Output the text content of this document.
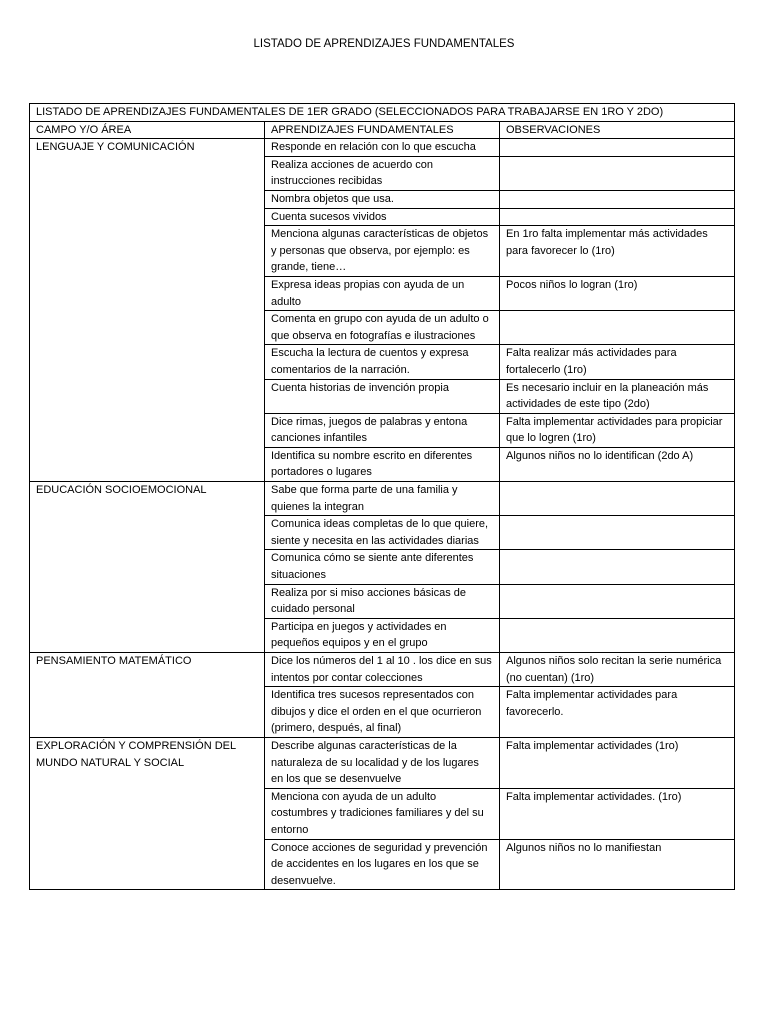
LISTADO DE APRENDIZAJES FUNDAMENTALES
LISTADO DE APRENDIZAJES FUNDAMENTALES DE 1ER GRADO (SELECCIONADOS PARA TRABAJARSE EN 1RO Y 2DO)		
CAMPO Y/O ÁREA	APRENDIZAJES FUNDAMENTALES	OBSERVACIONES
LENGUAJE Y COMUNICACIÓN	Responde en relación con lo que escucha	
	Realiza acciones de acuerdo con instrucciones recibidas	
	Nombra objetos que usa.	
	Cuenta sucesos vividos	
	Menciona algunas características de objetos y personas que observa, por ejemplo: es grande, tiene…	En 1ro falta implementar más actividades para favorecer lo (1ro)
	Expresa ideas propias con ayuda de un adulto	Pocos niños lo logran (1ro)
	Comenta en grupo con ayuda de un adulto o que observa en fotografías e ilustraciones	
	Escucha la lectura de cuentos y expresa comentarios de la narración.	Falta realizar más actividades para fortalecerlo (1ro)
	Cuenta historias de invención propia	Es necesario incluir en la planeación más actividades de este tipo (2do)
	Dice rimas, juegos de palabras y entona canciones infantiles	Falta implementar actividades para propiciar que lo logren (1ro)
	Identifica su nombre escrito en diferentes portadores o lugares	Algunos niños no lo identifican (2do A)
EDUCACIÓN SOCIOEMOCIONAL	Sabe que forma parte de una familia y quienes la integran	
	Comunica ideas completas de lo que quiere, siente y necesita en las actividades diarias	
	Comunica cómo se siente ante diferentes situaciones	
	Realiza por si miso acciones básicas de cuidado personal	
	Participa en juegos y actividades en pequeños equipos y en el grupo	
PENSAMIENTO MATEMÁTICO	Dice los números del 1 al 10 . los dice en sus intentos por contar colecciones	Algunos niños solo recitan la serie numérica (no cuentan) (1ro)
	Identifica tres sucesos representados con dibujos y dice el orden en el que ocurrieron (primero, después, al final)	Falta implementar actividades para favorecerlo.
EXPLORACIÓN Y COMPRENSIÓN DEL MUNDO NATURAL Y SOCIAL	Describe algunas características de la naturaleza de su localidad y de los lugares en los que se desenvuelve	Falta implementar actividades (1ro)
	Menciona con ayuda de un adulto costumbres y tradiciones familiares y del su entorno	Falta implementar actividades. (1ro)
	Conoce acciones de seguridad y prevención de accidentes en los lugares en los que se desenvuelve.	Algunos niños no lo manifiestan
